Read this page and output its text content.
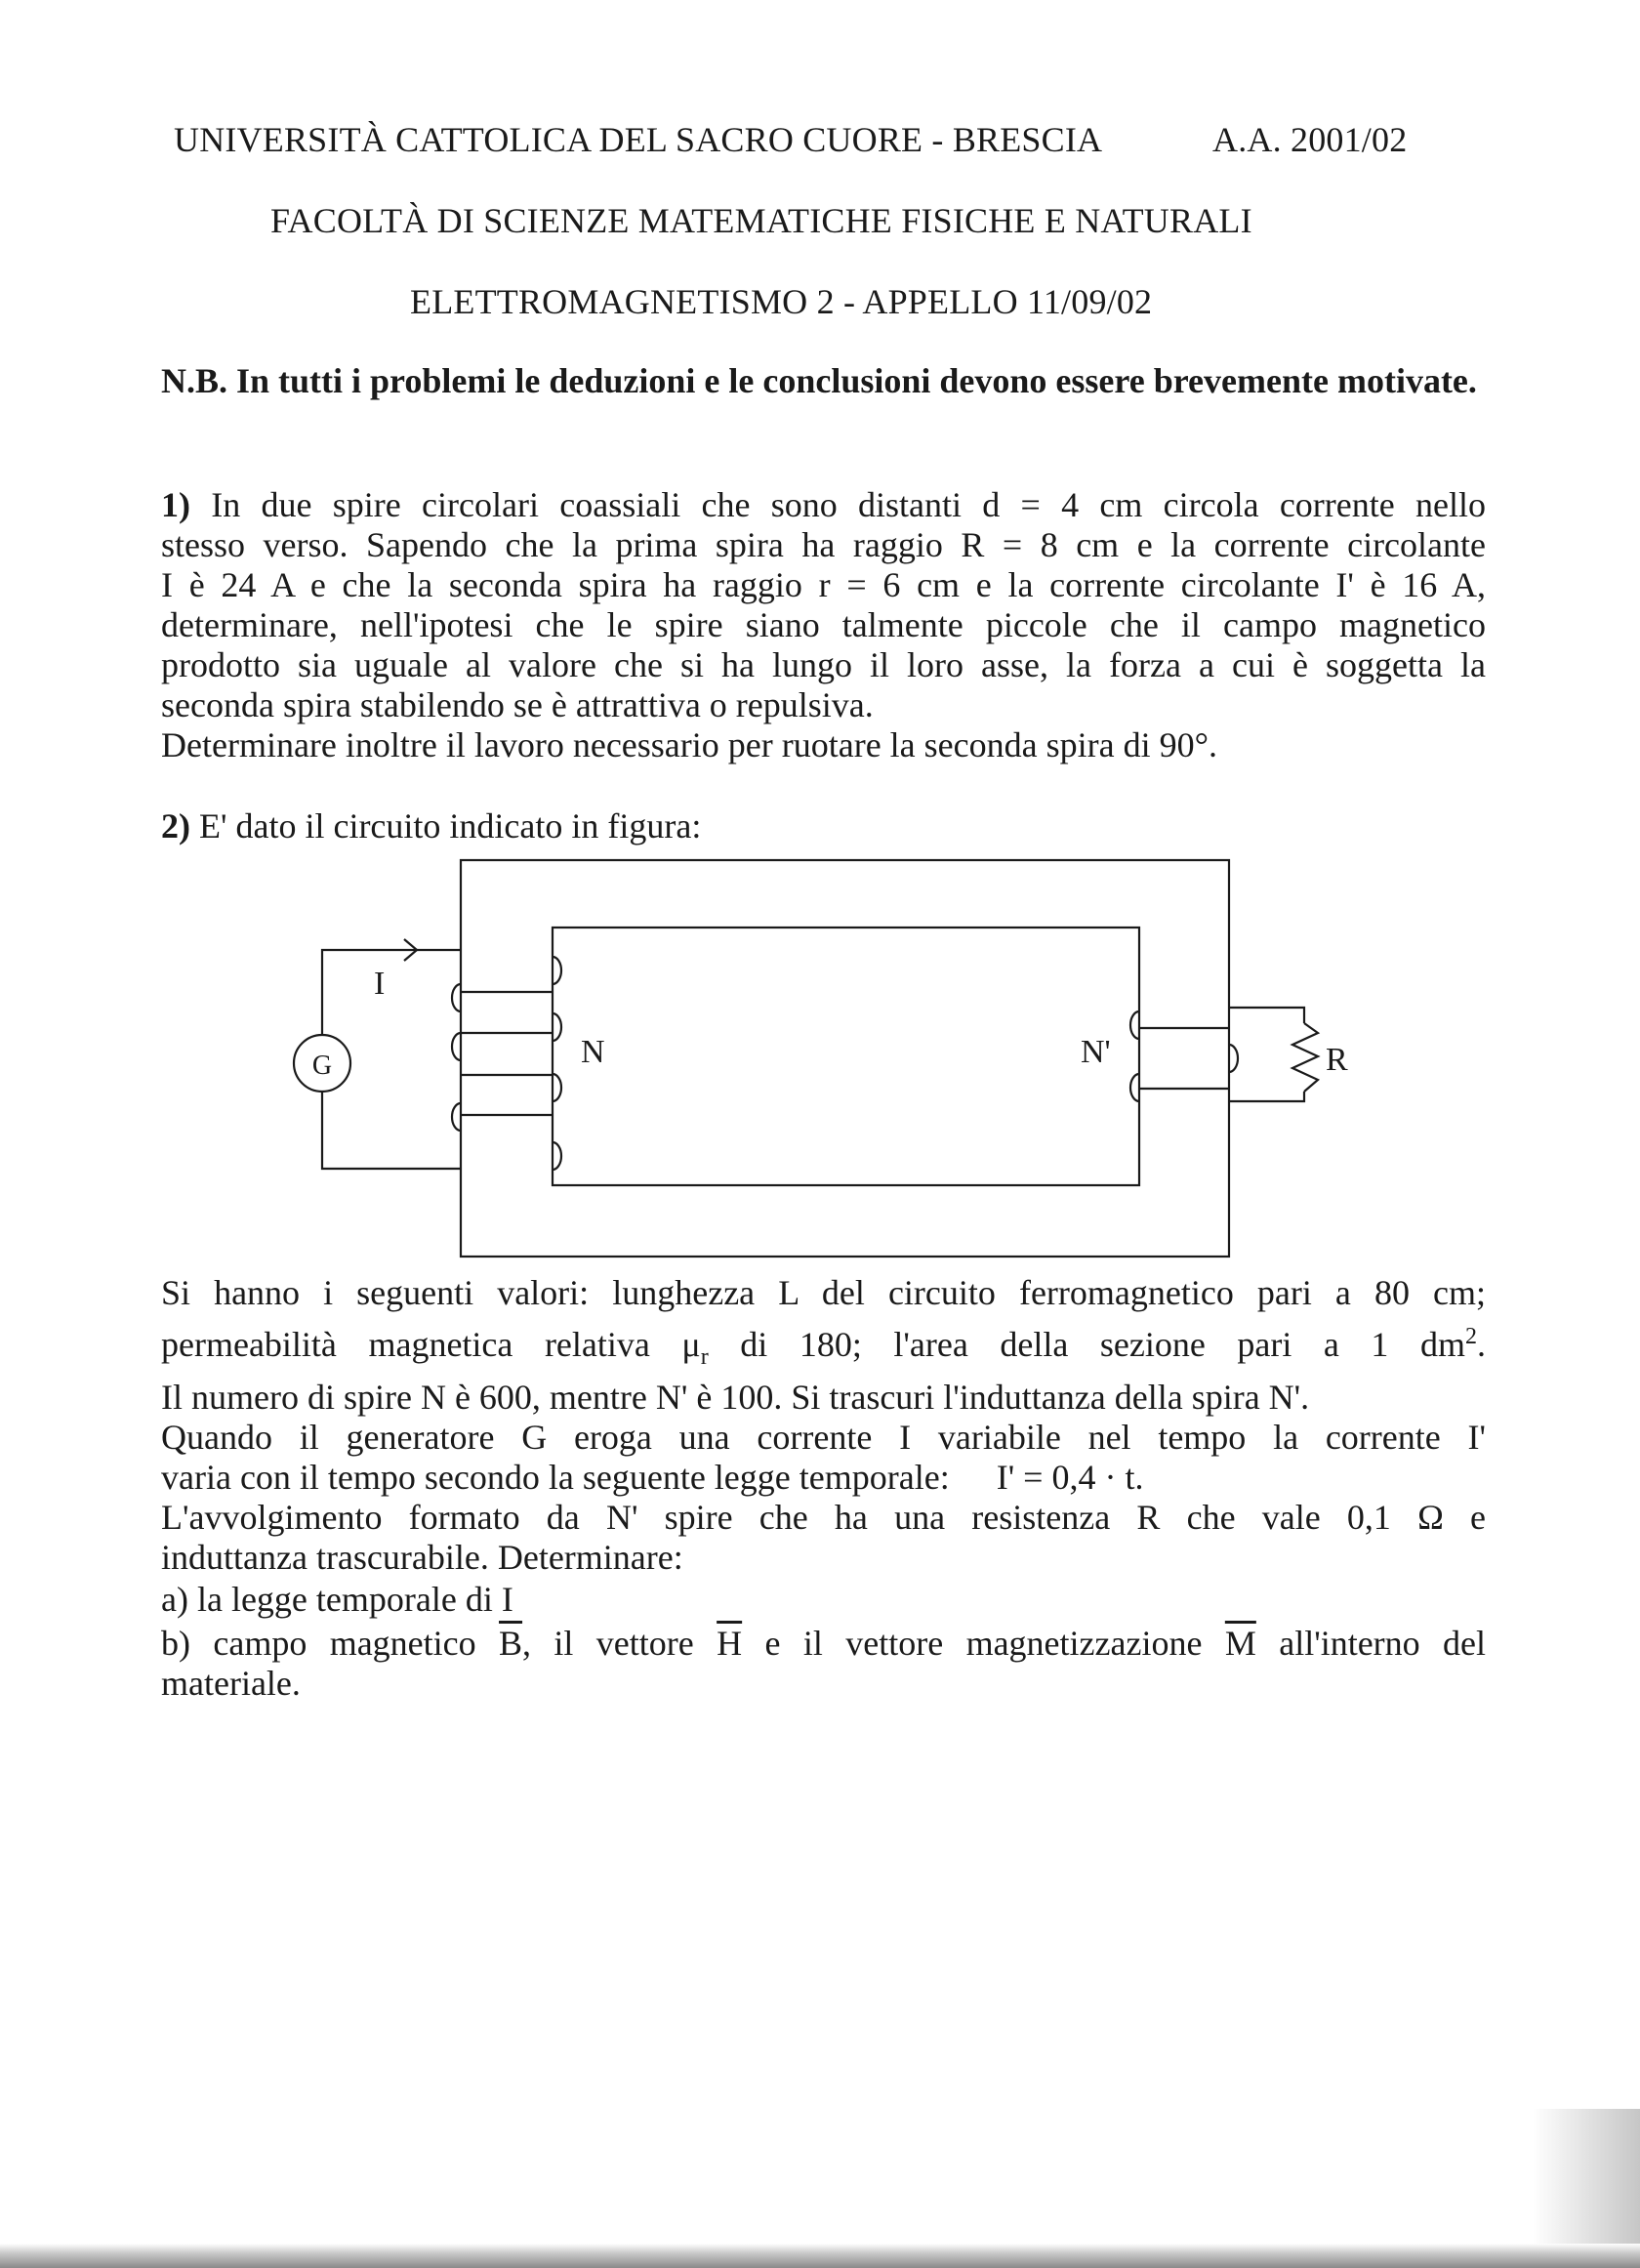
UNIVERSITÀ CATTOLICA DEL SACRO CUORE - BRESCIA	A.A. 2001/02
FACOLTÀ DI SCIENZE MATEMATICHE FISICHE E NATURALI
ELETTROMAGNETISMO 2 - APPELLO 11/09/02
N.B. In tutti i problemi le deduzioni e le conclusioni devono essere brevemente motivate.
1) In due spire circolari coassiali che sono distanti d = 4 cm circola corrente nello
stesso verso. Sapendo che la prima spira ha raggio R = 8 cm e la corrente circolante
I è 24 A e che la seconda spira ha raggio r = 6 cm e la corrente circolante I' è 16 A,
determinare, nell'ipotesi che le spire siano talmente piccole che il campo magnetico
prodotto sia uguale al valore che si ha lungo il loro asse, la forza a cui è soggetta la
seconda spira stabilendo se è attrattiva o repulsiva.
Determinare inoltre il lavoro necessario per ruotare la seconda spira di 90°.
2) E' dato il circuito indicato in figura:
G
I
N	N'	R
Si hanno i seguenti valori: lunghezza L del circuito ferromagnetico pari a 80 cm;
permeabilità magnetica relativa $\mu_r$ di 180; l'area della sezione pari a 1 $dm^2$.
Il numero di spire N è 600, mentre N' è 100. Si trascuri l'induttanza della spira N'.
Quando il generatore G eroga una corrente I variabile nel tempo la corrente I'
varia con il tempo secondo la seguente legge temporale: I' = 0,4 · t.
L'avvolgimento formato da N' spire che ha una resistenza R che vale 0,1 Ω e
induttanza trascurabile. Determinare:
a) la legge temporale di I
b) campo magnetico $\overline{B}$, il vettore $\overline{H}$ e il vettore magnetizzazione $\overline{M}$ all'interno del
materiale.
